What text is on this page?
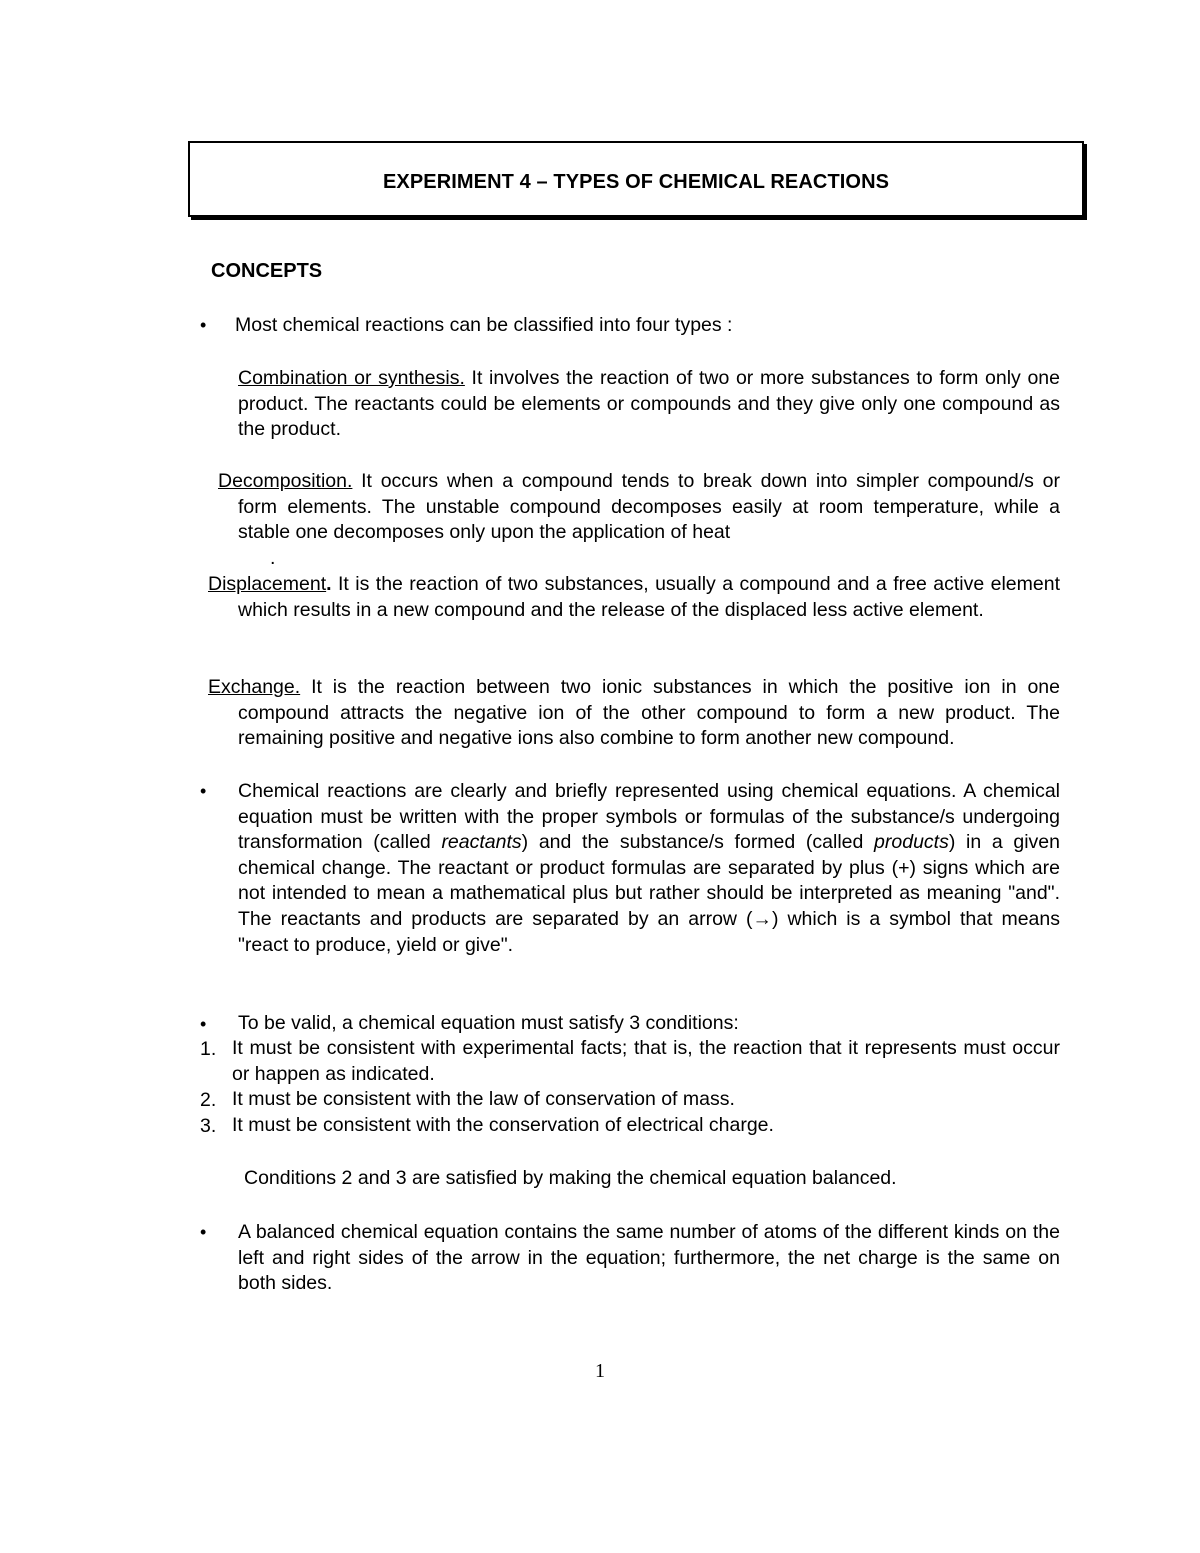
EXPERIMENT 4 – TYPES OF CHEMICAL REACTIONS
CONCEPTS
• Most chemical reactions can be classified into four types :
Combination or synthesis. It involves the reaction of two or more substances to form only one product. The reactants could be elements or compounds and they give only one compound as the product.
Decomposition. It occurs when a compound tends to break down into simpler compound/s or form elements. The unstable compound decomposes easily at room temperature, while a stable one decomposes only upon the application of heat
.
Displacement. It is the reaction of two substances, usually a compound and a free active element which results in a new compound and the release of the displaced less active element.
Exchange. It is the reaction between two ionic substances in which the positive ion in one compound attracts the negative ion of the other compound to form a new product. The remaining positive and negative ions also combine to form another new compound.
• Chemical reactions are clearly and briefly represented using chemical equations. A chemical equation must be written with the proper symbols or formulas of the substance/s undergoing transformation (called reactants) and the substance/s formed (called products) in a given chemical change. The reactant or product formulas are separated by plus (+) signs which are not intended to mean a mathematical plus but rather should be interpreted as meaning "and". The reactants and products are separated by an arrow (→) which is a symbol that means "react to produce, yield or give".
• To be valid, a chemical equation must satisfy 3 conditions:
1. It must be consistent with experimental facts; that is, the reaction that it represents must occur or happen as indicated.
2. It must be consistent with the law of conservation of mass.
3. It must be consistent with the conservation of electrical charge.
Conditions 2 and 3 are satisfied by making the chemical equation balanced.
• A balanced chemical equation contains the same number of atoms of the different kinds on the left and right sides of the arrow in the equation; furthermore, the net charge is the same on both sides.
1
